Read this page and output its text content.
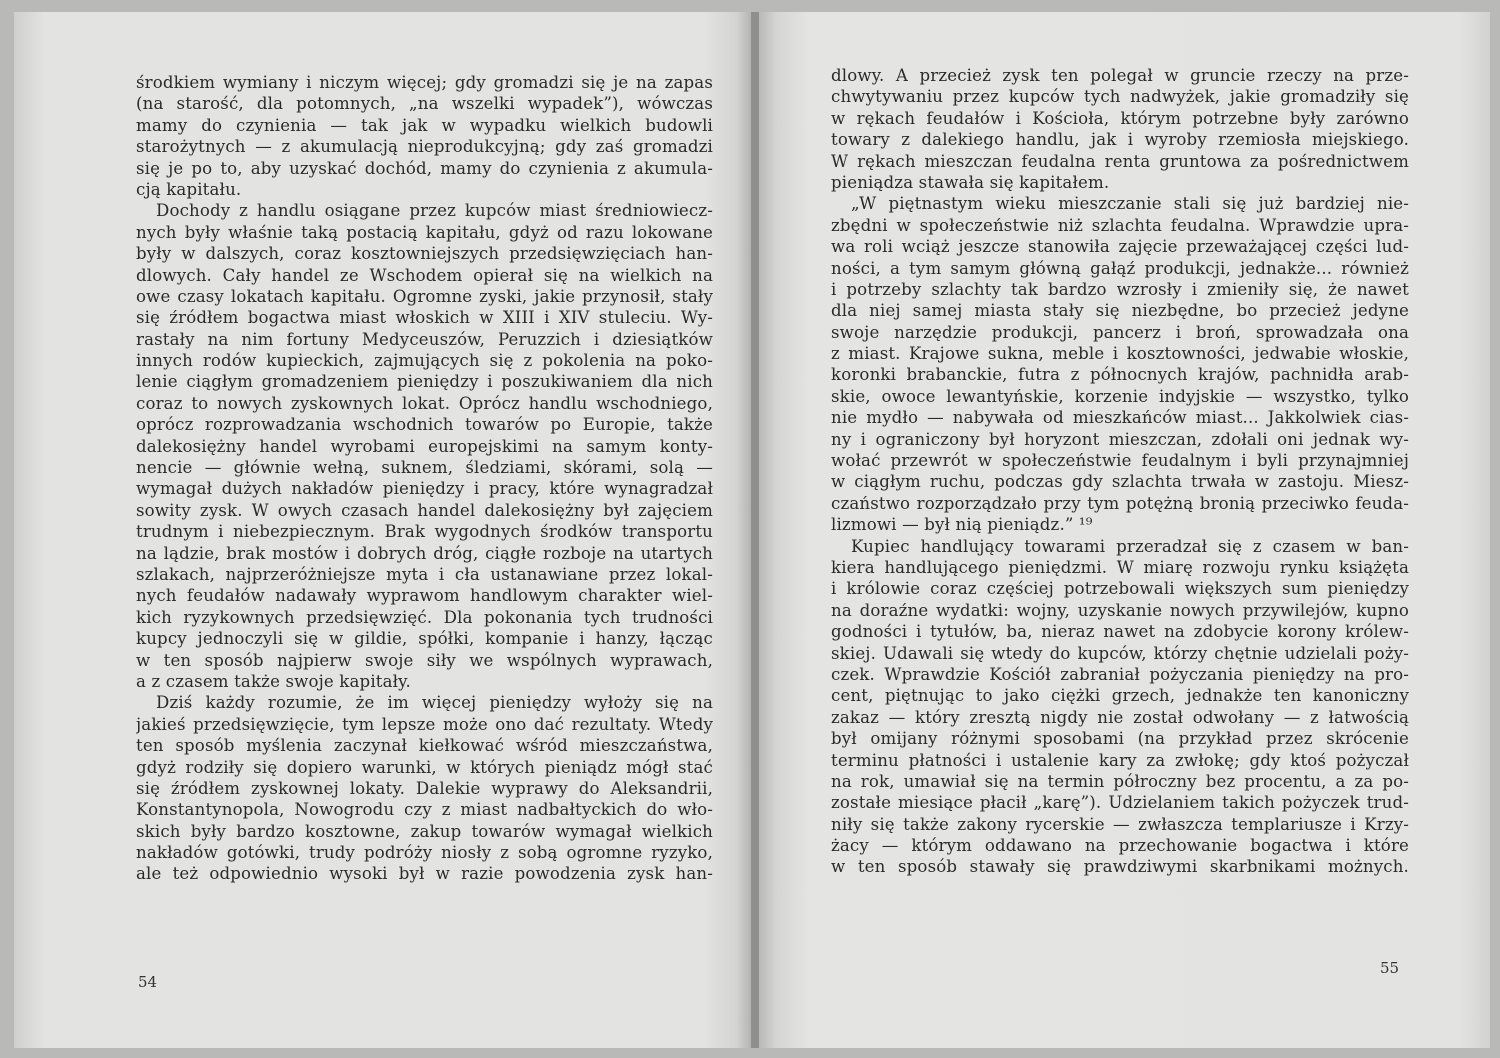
środkiem wymiany i niczym więcej; gdy gromadzi się je na zapas
(na starość, dla potomnych, „na wszelki wypadek”), wówczas
mamy do czynienia — tak jak w wypadku wielkich budowli
starożytnych — z akumulacją nieprodukcyjną; gdy zaś gromadzi
się je po to, aby uzyskać dochód, mamy do czynienia z akumula-
cją kapitału.
Dochody z handlu osiągane przez kupców miast średniowiecz-
nych były właśnie taką postacią kapitału, gdyż od razu lokowane
były w dalszych, coraz kosztowniejszych przedsięwzięciach han-
dlowych. Cały handel ze Wschodem opierał się na wielkich na
owe czasy lokatach kapitału. Ogromne zyski, jakie przynosił, stały
się źródłem bogactwa miast włoskich w XIII i XIV stuleciu. Wy-
rastały na nim fortuny Medyceuszów, Peruzzich i dziesiątków
innych rodów kupieckich, zajmujących się z pokolenia na poko-
lenie ciągłym gromadzeniem pieniędzy i poszukiwaniem dla nich
coraz to nowych zyskownych lokat. Oprócz handlu wschodniego,
oprócz rozprowadzania wschodnich towarów po Europie, także
dalekosiężny handel wyrobami europejskimi na samym konty-
nencie — głównie wełną, suknem, śledziami, skórami, solą —
wymagał dużych nakładów pieniędzy i pracy, które wynagradzał
sowity zysk. W owych czasach handel dalekosiężny był zajęciem
trudnym i niebezpiecznym. Brak wygodnych środków transportu
na lądzie, brak mostów i dobrych dróg, ciągłe rozboje na utartych
szlakach, najprzeróżniejsze myta i cła ustanawiane przez lokal-
nych feudałów nadawały wyprawom handlowym charakter wiel-
kich ryzykownych przedsięwzięć. Dla pokonania tych trudności
kupcy jednoczyli się w gildie, spółki, kompanie i hanzy, łącząc
w ten sposób najpierw swoje siły we wspólnych wyprawach,
a z czasem także swoje kapitały.
Dziś każdy rozumie, że im więcej pieniędzy wyłoży się na
jakieś przedsięwzięcie, tym lepsze może ono dać rezultaty. Wtedy
ten sposób myślenia zaczynał kiełkować wśród mieszczaństwa,
gdyż rodziły się dopiero warunki, w których pieniądz mógł stać
się źródłem zyskownej lokaty. Dalekie wyprawy do Aleksandrii,
Konstantynopola, Nowogrodu czy z miast nadbałtyckich do wło-
skich były bardzo kosztowne, zakup towarów wymagał wielkich
nakładów gotówki, trudy podróży niosły z sobą ogromne ryzyko,
ale też odpowiednio wysoki był w razie powodzenia zysk han-
54
dlowy. A przecież zysk ten polegał w gruncie rzeczy na prze-
chwytywaniu przez kupców tych nadwyżek, jakie gromadziły się
w rękach feudałów i Kościoła, którym potrzebne były zarówno
towary z dalekiego handlu, jak i wyroby rzemiosła miejskiego.
W rękach mieszczan feudalna renta gruntowa za pośrednictwem
pieniądza stawała się kapitałem.
„W piętnastym wieku mieszczanie stali się już bardziej nie-
zbędni w społeczeństwie niż szlachta feudalna. Wprawdzie upra-
wa roli wciąż jeszcze stanowiła zajęcie przeważającej części lud-
ności, a tym samym główną gałąź produkcji, jednakże... również
i potrzeby szlachty tak bardzo wzrosły i zmieniły się, że nawet
dla niej samej miasta stały się niezbędne, bo przecież jedyne
swoje narzędzie produkcji, pancerz i broń, sprowadzała ona
z miast. Krajowe sukna, meble i kosztowności, jedwabie włoskie,
koronki brabanckie, futra z północnych krajów, pachnidła arab-
skie, owoce lewantyńskie, korzenie indyjskie — wszystko, tylko
nie mydło — nabywała od mieszkańców miast... Jakkolwiek cias-
ny i ograniczony był horyzont mieszczan, zdołali oni jednak wy-
wołać przewrót w społeczeństwie feudalnym i byli przynajmniej
w ciągłym ruchu, podczas gdy szlachta trwała w zastoju. Miesz-
czaństwo rozporządzało przy tym potężną bronią przeciwko feuda-
lizmowi — był nią pieniądz.” ¹⁹
Kupiec handlujący towarami przeradzał się z czasem w ban-
kiera handlującego pieniędzmi. W miarę rozwoju rynku książęta
i królowie coraz częściej potrzebowali większych sum pieniędzy
na doraźne wydatki: wojny, uzyskanie nowych przywilejów, kupno
godności i tytułów, ba, nieraz nawet na zdobycie korony królew-
skiej. Udawali się wtedy do kupców, którzy chętnie udzielali poży-
czek. Wprawdzie Kościół zabraniał pożyczania pieniędzy na pro-
cent, piętnując to jako ciężki grzech, jednakże ten kanoniczny
zakaz — który zresztą nigdy nie został odwołany — z łatwością
był omijany różnymi sposobami (na przykład przez skrócenie
terminu płatności i ustalenie kary za zwłokę; gdy ktoś pożyczał
na rok, umawiał się na termin półroczny bez procentu, a za po-
zostałe miesiące płacił „karę”). Udzielaniem takich pożyczek trud-
niły się także zakony rycerskie — zwłaszcza templariusze i Krzy-
żacy — którym oddawano na przechowanie bogactwa i które
w ten sposób stawały się prawdziwymi skarbnikami możnych.
55
